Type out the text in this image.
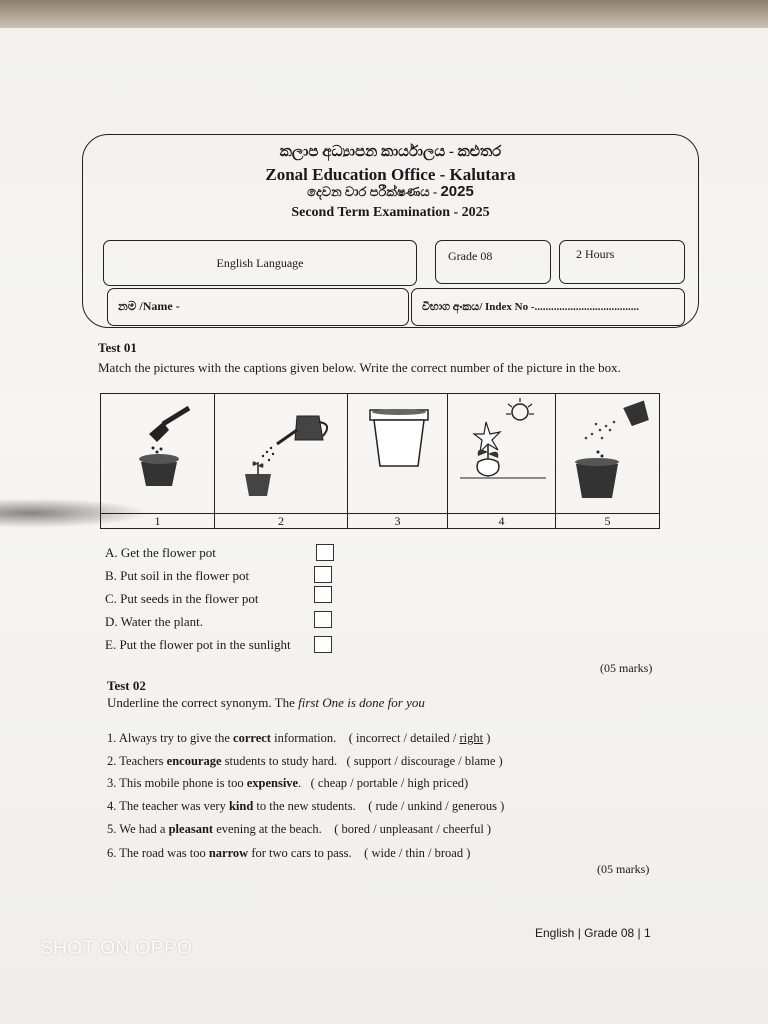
කලාප අධ්‍යාපන කාර්යාලය - කළුතර
Zonal Education Office - Kalutara
දෙවන වාර පරීක්ෂණය - 2025
Second Term Examination - 2025
English Language	Grade 08	2 Hours
නම /Name -	විභාග අංකය/ Index No -......................................
Test 01
Match the pictures with the captions given below. Write the correct number of the picture in the box.
1	2	3	4	5
A. Get the flower pot
B. Put soil in the flower pot
C. Put seeds in the flower pot
D. Water the plant.
E. Put the flower pot in the sunlight
(05 marks)
Test 02
Underline the correct synonym. The first One is done for you
1. Always try to give the correct information. ( incorrect / detailed / right )
2. Teachers encourage students to study hard. ( support / discourage / blame )
3. This mobile phone is too expensive. ( cheap / portable / high priced)
4. The teacher was very kind to the new students. ( rude / unkind / generous )
5. We had a pleasant evening at the beach. ( bored / unpleasant / cheerful )
6. The road was too narrow for two cars to pass. ( wide / thin / broad )
(05 marks)
English | Grade 08 | 1
SHOT ON OPPO
